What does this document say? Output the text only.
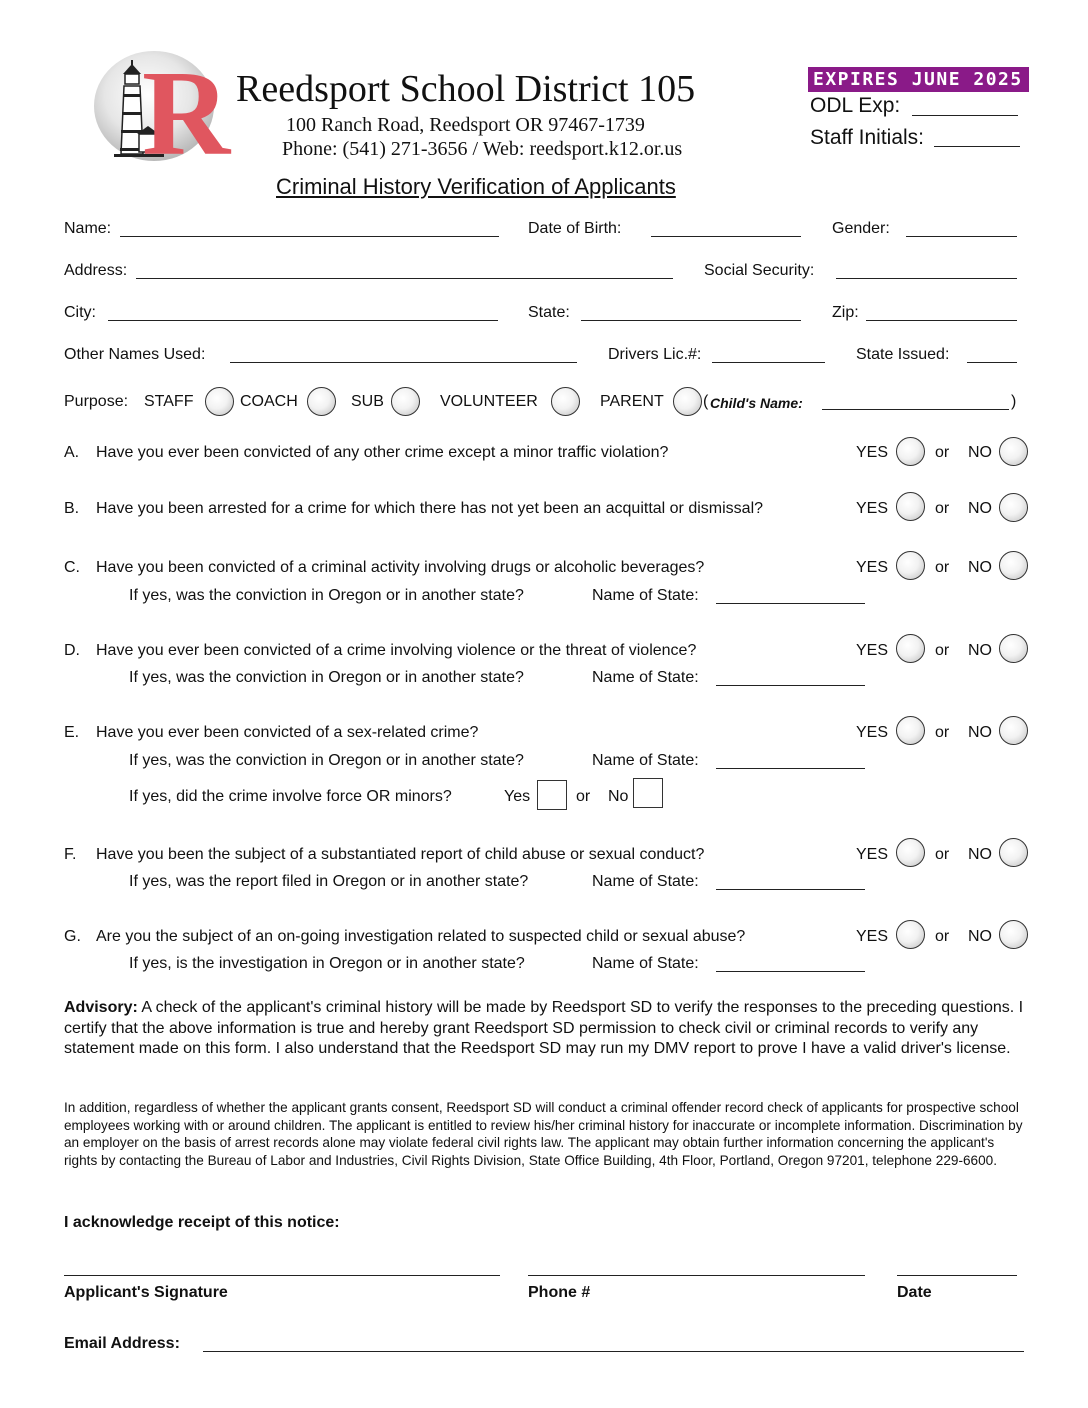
R Reedsport School District 105
100 Ranch Road, Reedsport OR 97467-1739
Phone: (541) 271-3656 / Web: reedsport.k12.or.us
EXPIRES JUNE 2025
ODL Exp:
Staff Initials:
Criminal History Verification of Applicants
Name:	Date of Birth:	Gender:
Address:	Social Security:
City:	State:	Zip:
Other Names Used:	Drivers Lic.#:	State Issued:
Purpose: STAFF	COACH	SUB	VOLUNTEER	PARENT ( Child's Name:	)
A. Have you ever been convicted of any other crime except a minor traffic violation?	YES	or NO
B. Have you been arrested for a crime for which there has not yet been an acquittal or dismissal?	YES	or NO
C. Have you been convicted of a criminal activity involving drugs or alcoholic beverages?	YES	or NO
If yes, was the conviction in Oregon or in another state?	Name of State:
D. Have you ever been convicted of a crime involving violence or the threat of violence?	YES	or NO
If yes, was the conviction in Oregon or in another state?	Name of State:
E. Have you ever been convicted of a sex-related crime?	YES	or NO
If yes, was the conviction in Oregon or in another state?	Name of State:
If yes, did the crime involve force OR minors?	Yes	or No
F. Have you been the subject of a substantiated report of child abuse or sexual conduct?	YES	or NO
If yes, was the report filed in Oregon or in another state?	Name of State:
G. Are you the subject of an on-going investigation related to suspected child or sexual abuse?	YES	or NO
If yes, is the investigation in Oregon or in another state?	Name of State:
Advisory: A check of the applicant's criminal history will be made by Reedsport SD to verify the responses to the preceding questions. I certify that the above information is true and hereby grant Reedsport SD permission to check civil or criminal records to verify any statement made on this form. I also understand that the Reedsport SD may run my DMV report to prove I have a valid driver's license.
In addition, regardless of whether the applicant grants consent, Reedsport SD will conduct a criminal offender record check of applicants for prospective school employees working with or around children. The applicant is entitled to review his/her criminal history for inaccurate or incomplete information. Discrimination by an employer on the basis of arrest records alone may violate federal civil rights law. The applicant may obtain further information concerning the applicant's rights by contacting the Bureau of Labor and Industries, Civil Rights Division, State Office Building, 4th Floor, Portland, Oregon 97201, telephone 229-6600.
I acknowledge receipt of this notice:
Applicant's Signature	Phone #	Date
Email Address:
